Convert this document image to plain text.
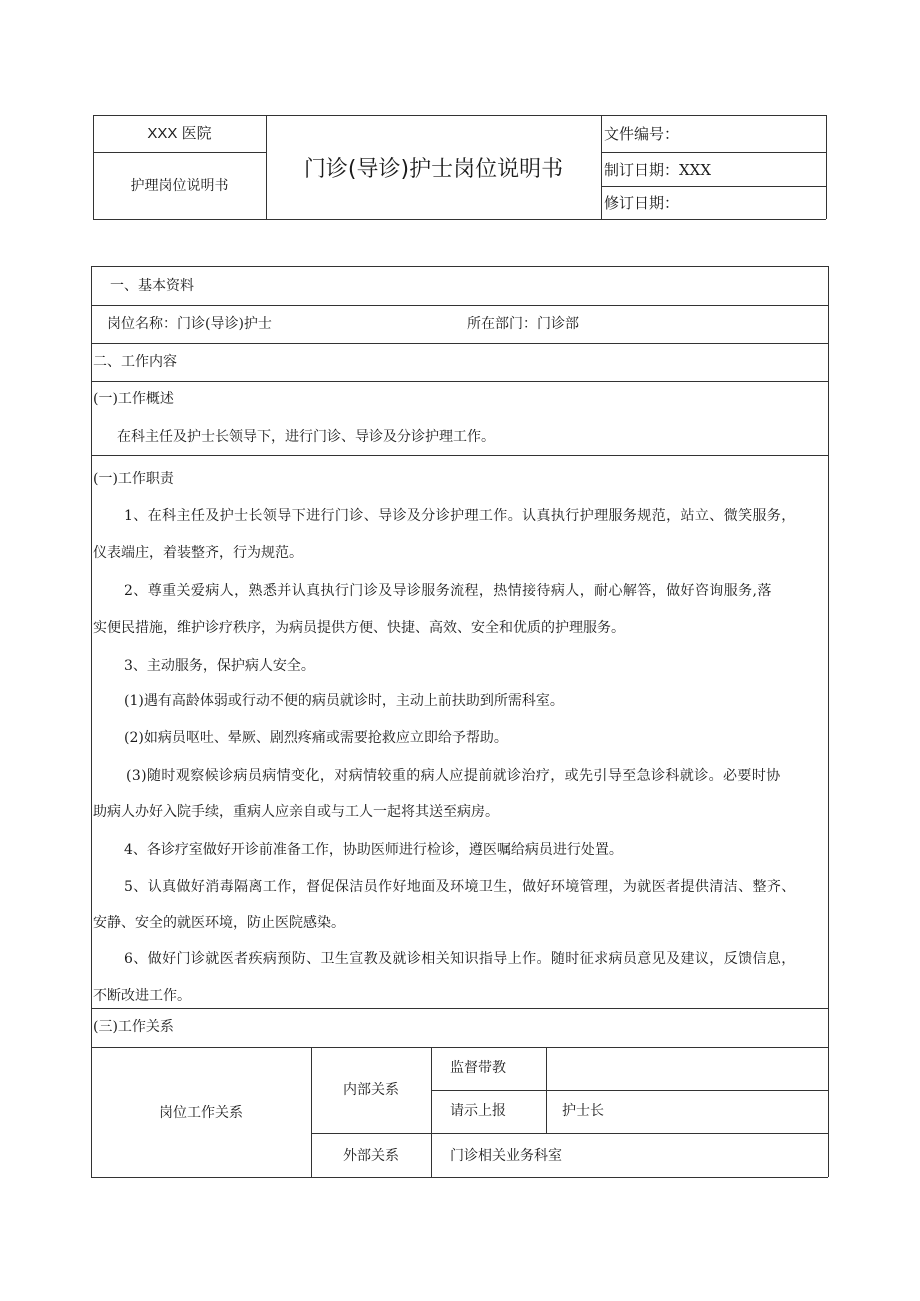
XXX 医院
护理岗位说明书
门诊(导诊)护士岗位说明书
文件编号：
制订日期：XXX
修订日期：
一、基本资料
岗位名称：门诊(导诊)护士	所在部门：门诊部
二、工作内容
(一)工作概述
在科主任及护士长领导下，进行门诊、导诊及分诊护理工作。
(一)工作职责
1、在科主任及护士长领导下进行门诊、导诊及分诊护理工作。认真执行护理服务规范，站立、微笑服务，
仪表端庄，着装整齐，行为规范。
2、尊重关爱病人，熟悉并认真执行门诊及导诊服务流程，热情接待病人，耐心解答，做好咨询服务,落
实便民措施，维护诊疗秩序，为病员提供方便、快捷、高效、安全和优质的护理服务。
3、主动服务，保护病人安全。
(1)遇有高龄体弱或行动不便的病员就诊时，主动上前扶助到所需科室。
(2)如病员呕吐、晕厥、剧烈疼痛或需要抢救应立即给予帮助。
(3)随时观察候诊病员病情变化，对病情较重的病人应提前就诊治疗，或先引导至急诊科就诊。必要时协
助病人办好入院手续，重病人应亲自或与工人一起将其送至病房。
4、各诊疗室做好开诊前准备工作，协助医师进行检诊，遵医嘱给病员进行处置。
5、认真做好消毒隔离工作，督促保洁员作好地面及环境卫生，做好环境管理，为就医者提供清洁、整齐、
安静、安全的就医环境，防止医院感染。
6、做好门诊就医者疾病预防、卫生宣教及就诊相关知识指导上作。随时征求病员意见及建议，反馈信息，
不断改进工作。
(三)工作关系
岗位工作关系
内部关系
外部关系
监督带教
请示上报	护士长
门诊相关业务科室
